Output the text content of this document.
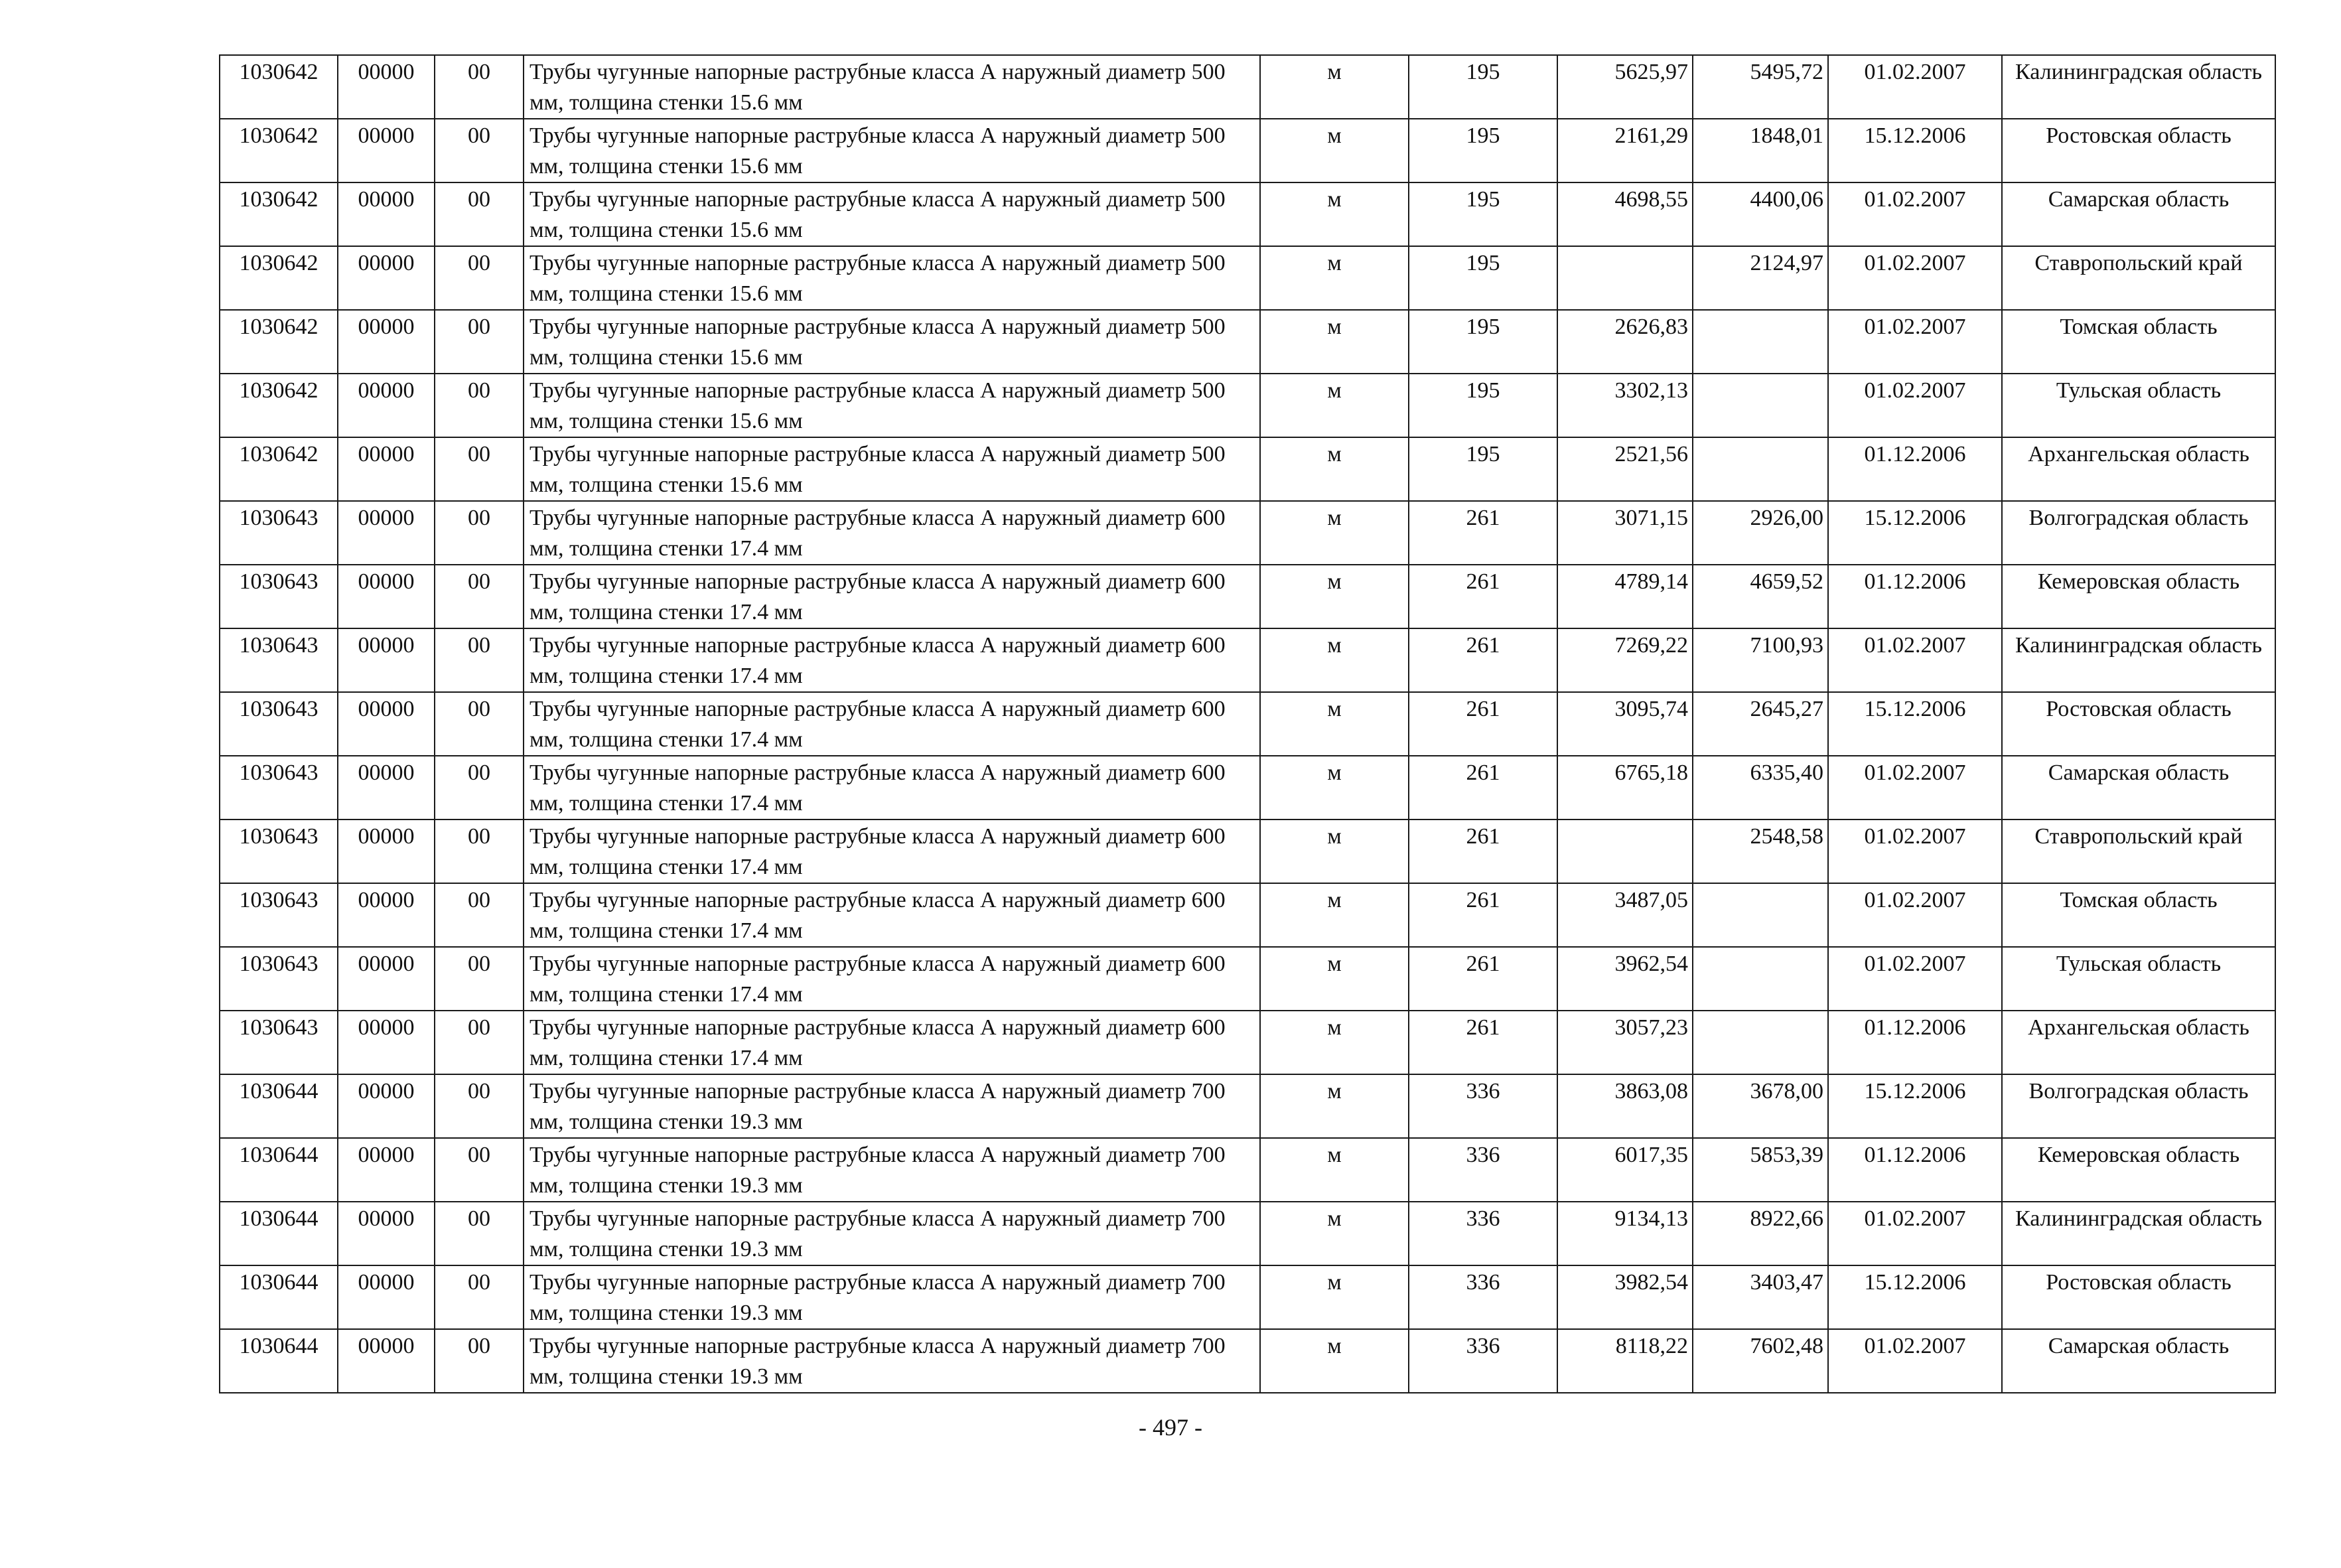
1030642	00000	00	Трубы чугунные напорные раструбные класса А наружный диаметр 500 мм, толщина стенки 15.6 мм	м	195	5625,97	5495,72	01.02.2007	Калининградская область
1030642	00000	00	Трубы чугунные напорные раструбные класса А наружный диаметр 500 мм, толщина стенки 15.6 мм	м	195	2161,29	1848,01	15.12.2006	Ростовская область
1030642	00000	00	Трубы чугунные напорные раструбные класса А наружный диаметр 500 мм, толщина стенки 15.6 мм	м	195	4698,55	4400,06	01.02.2007	Самарская область
1030642	00000	00	Трубы чугунные напорные раструбные класса А наружный диаметр 500 мм, толщина стенки 15.6 мм	м	195		2124,97	01.02.2007	Ставропольский край
1030642	00000	00	Трубы чугунные напорные раструбные класса А наружный диаметр 500 мм, толщина стенки 15.6 мм	м	195	2626,83		01.02.2007	Томская область
1030642	00000	00	Трубы чугунные напорные раструбные класса А наружный диаметр 500 мм, толщина стенки 15.6 мм	м	195	3302,13		01.02.2007	Тульская область
1030642	00000	00	Трубы чугунные напорные раструбные класса А наружный диаметр 500 мм, толщина стенки 15.6 мм	м	195	2521,56		01.12.2006	Архангельская область
1030643	00000	00	Трубы чугунные напорные раструбные класса А наружный диаметр 600 мм, толщина стенки 17.4 мм	м	261	3071,15	2926,00	15.12.2006	Волгоградская область
1030643	00000	00	Трубы чугунные напорные раструбные класса А наружный диаметр 600 мм, толщина стенки 17.4 мм	м	261	4789,14	4659,52	01.12.2006	Кемеровская область
1030643	00000	00	Трубы чугунные напорные раструбные класса А наружный диаметр 600 мм, толщина стенки 17.4 мм	м	261	7269,22	7100,93	01.02.2007	Калининградская область
1030643	00000	00	Трубы чугунные напорные раструбные класса А наружный диаметр 600 мм, толщина стенки 17.4 мм	м	261	3095,74	2645,27	15.12.2006	Ростовская область
1030643	00000	00	Трубы чугунные напорные раструбные класса А наружный диаметр 600 мм, толщина стенки 17.4 мм	м	261	6765,18	6335,40	01.02.2007	Самарская область
1030643	00000	00	Трубы чугунные напорные раструбные класса А наружный диаметр 600 мм, толщина стенки 17.4 мм	м	261		2548,58	01.02.2007	Ставропольский край
1030643	00000	00	Трубы чугунные напорные раструбные класса А наружный диаметр 600 мм, толщина стенки 17.4 мм	м	261	3487,05		01.02.2007	Томская область
1030643	00000	00	Трубы чугунные напорные раструбные класса А наружный диаметр 600 мм, толщина стенки 17.4 мм	м	261	3962,54		01.02.2007	Тульская область
1030643	00000	00	Трубы чугунные напорные раструбные класса А наружный диаметр 600 мм, толщина стенки 17.4 мм	м	261	3057,23		01.12.2006	Архангельская область
1030644	00000	00	Трубы чугунные напорные раструбные класса А наружный диаметр 700 мм, толщина стенки 19.3 мм	м	336	3863,08	3678,00	15.12.2006	Волгоградская область
1030644	00000	00	Трубы чугунные напорные раструбные класса А наружный диаметр 700 мм, толщина стенки 19.3 мм	м	336	6017,35	5853,39	01.12.2006	Кемеровская область
1030644	00000	00	Трубы чугунные напорные раструбные класса А наружный диаметр 700 мм, толщина стенки 19.3 мм	м	336	9134,13	8922,66	01.02.2007	Калининградская область
1030644	00000	00	Трубы чугунные напорные раструбные класса А наружный диаметр 700 мм, толщина стенки 19.3 мм	м	336	3982,54	3403,47	15.12.2006	Ростовская область
1030644	00000	00	Трубы чугунные напорные раструбные класса А наружный диаметр 700 мм, толщина стенки 19.3 мм	м	336	8118,22	7602,48	01.02.2007	Самарская область
- 497 -
